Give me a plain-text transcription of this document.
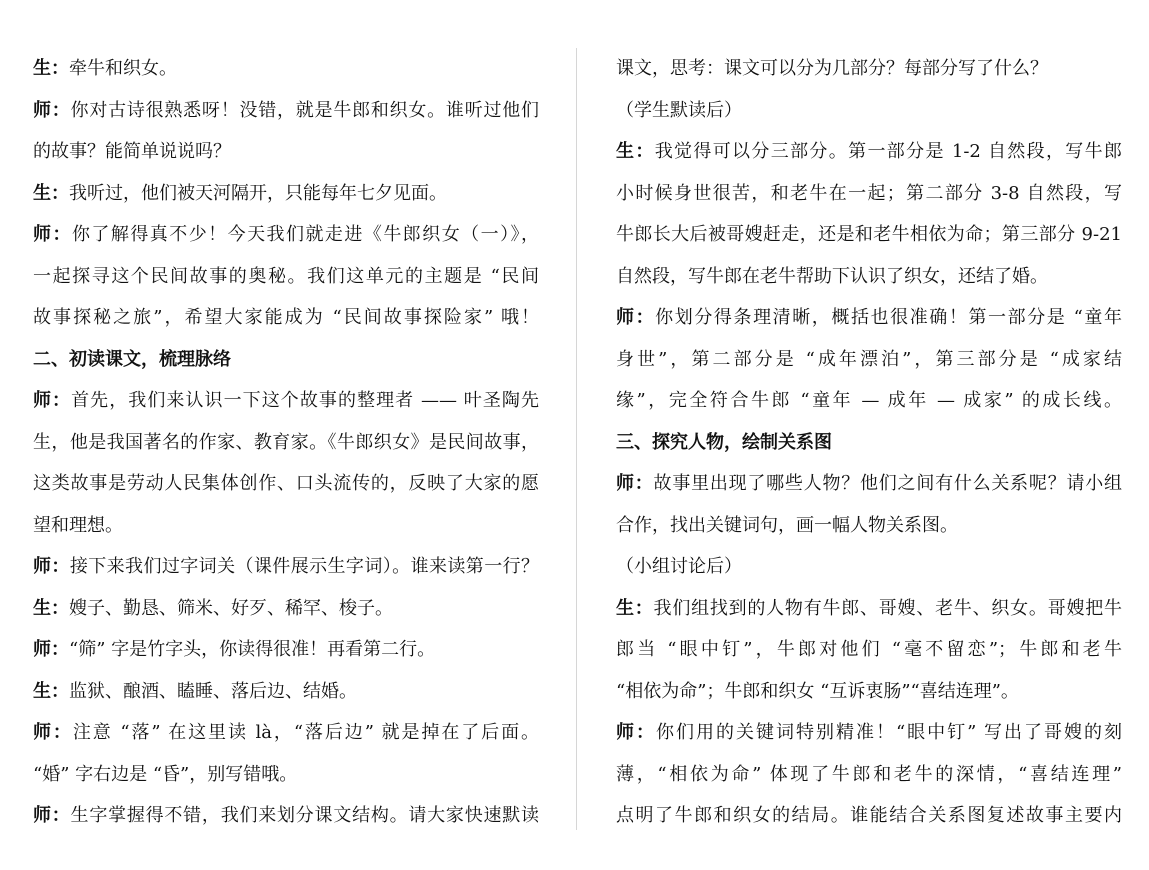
生：牵牛和织女。
师：你对古诗很熟悉呀！没错，就是牛郎和织女。谁听过他们
的故事？能简单说说吗？
生：我听过，他们被天河隔开，只能每年七夕见面。
师：你了解得真不少！今天我们就走进《牛郎织女（一）》，
一起探寻这个民间故事的奥秘。我们这单元的主题是 “民间
故事探秘之旅”，希望大家能成为 “民间故事探险家” 哦！
二、初读课文，梳理脉络
师：首先，我们来认识一下这个故事的整理者 —— 叶圣陶先
生，他是我国著名的作家、教育家。《牛郎织女》是民间故事，
这类故事是劳动人民集体创作、口头流传的，反映了大家的愿
望和理想。
师：接下来我们过字词关（课件展示生字词）。谁来读第一行？
生：嫂子、勤恳、筛米、好歹、稀罕、梭子。
师：“筛” 字是竹字头，你读得很准！再看第二行。
生：监狱、酿酒、瞌睡、落后边、结婚。
师：注意 “落” 在这里读 là，“落后边” 就是掉在了后面。
“婚” 字右边是 “昏”，别写错哦。
师：生字掌握得不错，我们来划分课文结构。请大家快速默读
课文，思考：课文可以分为几部分？每部分写了什么？
（学生默读后）
生：我觉得可以分三部分。第一部分是 1-2 自然段，写牛郎
小时候身世很苦，和老牛在一起；第二部分 3-8 自然段，写
牛郎长大后被哥嫂赶走，还是和老牛相依为命；第三部分 9-21
自然段，写牛郎在老牛帮助下认识了织女，还结了婚。
师：你划分得条理清晰，概括也很准确！第一部分是 “童年
身世”，第二部分是 “成年漂泊”，第三部分是 “成家结
缘”，完全符合牛郎 “童年 — 成年 — 成家” 的成长线。
三、探究人物，绘制关系图
师：故事里出现了哪些人物？他们之间有什么关系呢？请小组
合作，找出关键词句，画一幅人物关系图。
（小组讨论后）
生：我们组找到的人物有牛郎、哥嫂、老牛、织女。哥嫂把牛
郎当 “眼中钉”，牛郎对他们 “毫不留恋”；牛郎和老牛
“相依为命”；牛郎和织女 “互诉衷肠”“喜结连理”。
师：你们用的关键词特别精准！“眼中钉” 写出了哥嫂的刻
薄，“相依为命” 体现了牛郎和老牛的深情，“喜结连理”
点明了牛郎和织女的结局。谁能结合关系图复述故事主要内
